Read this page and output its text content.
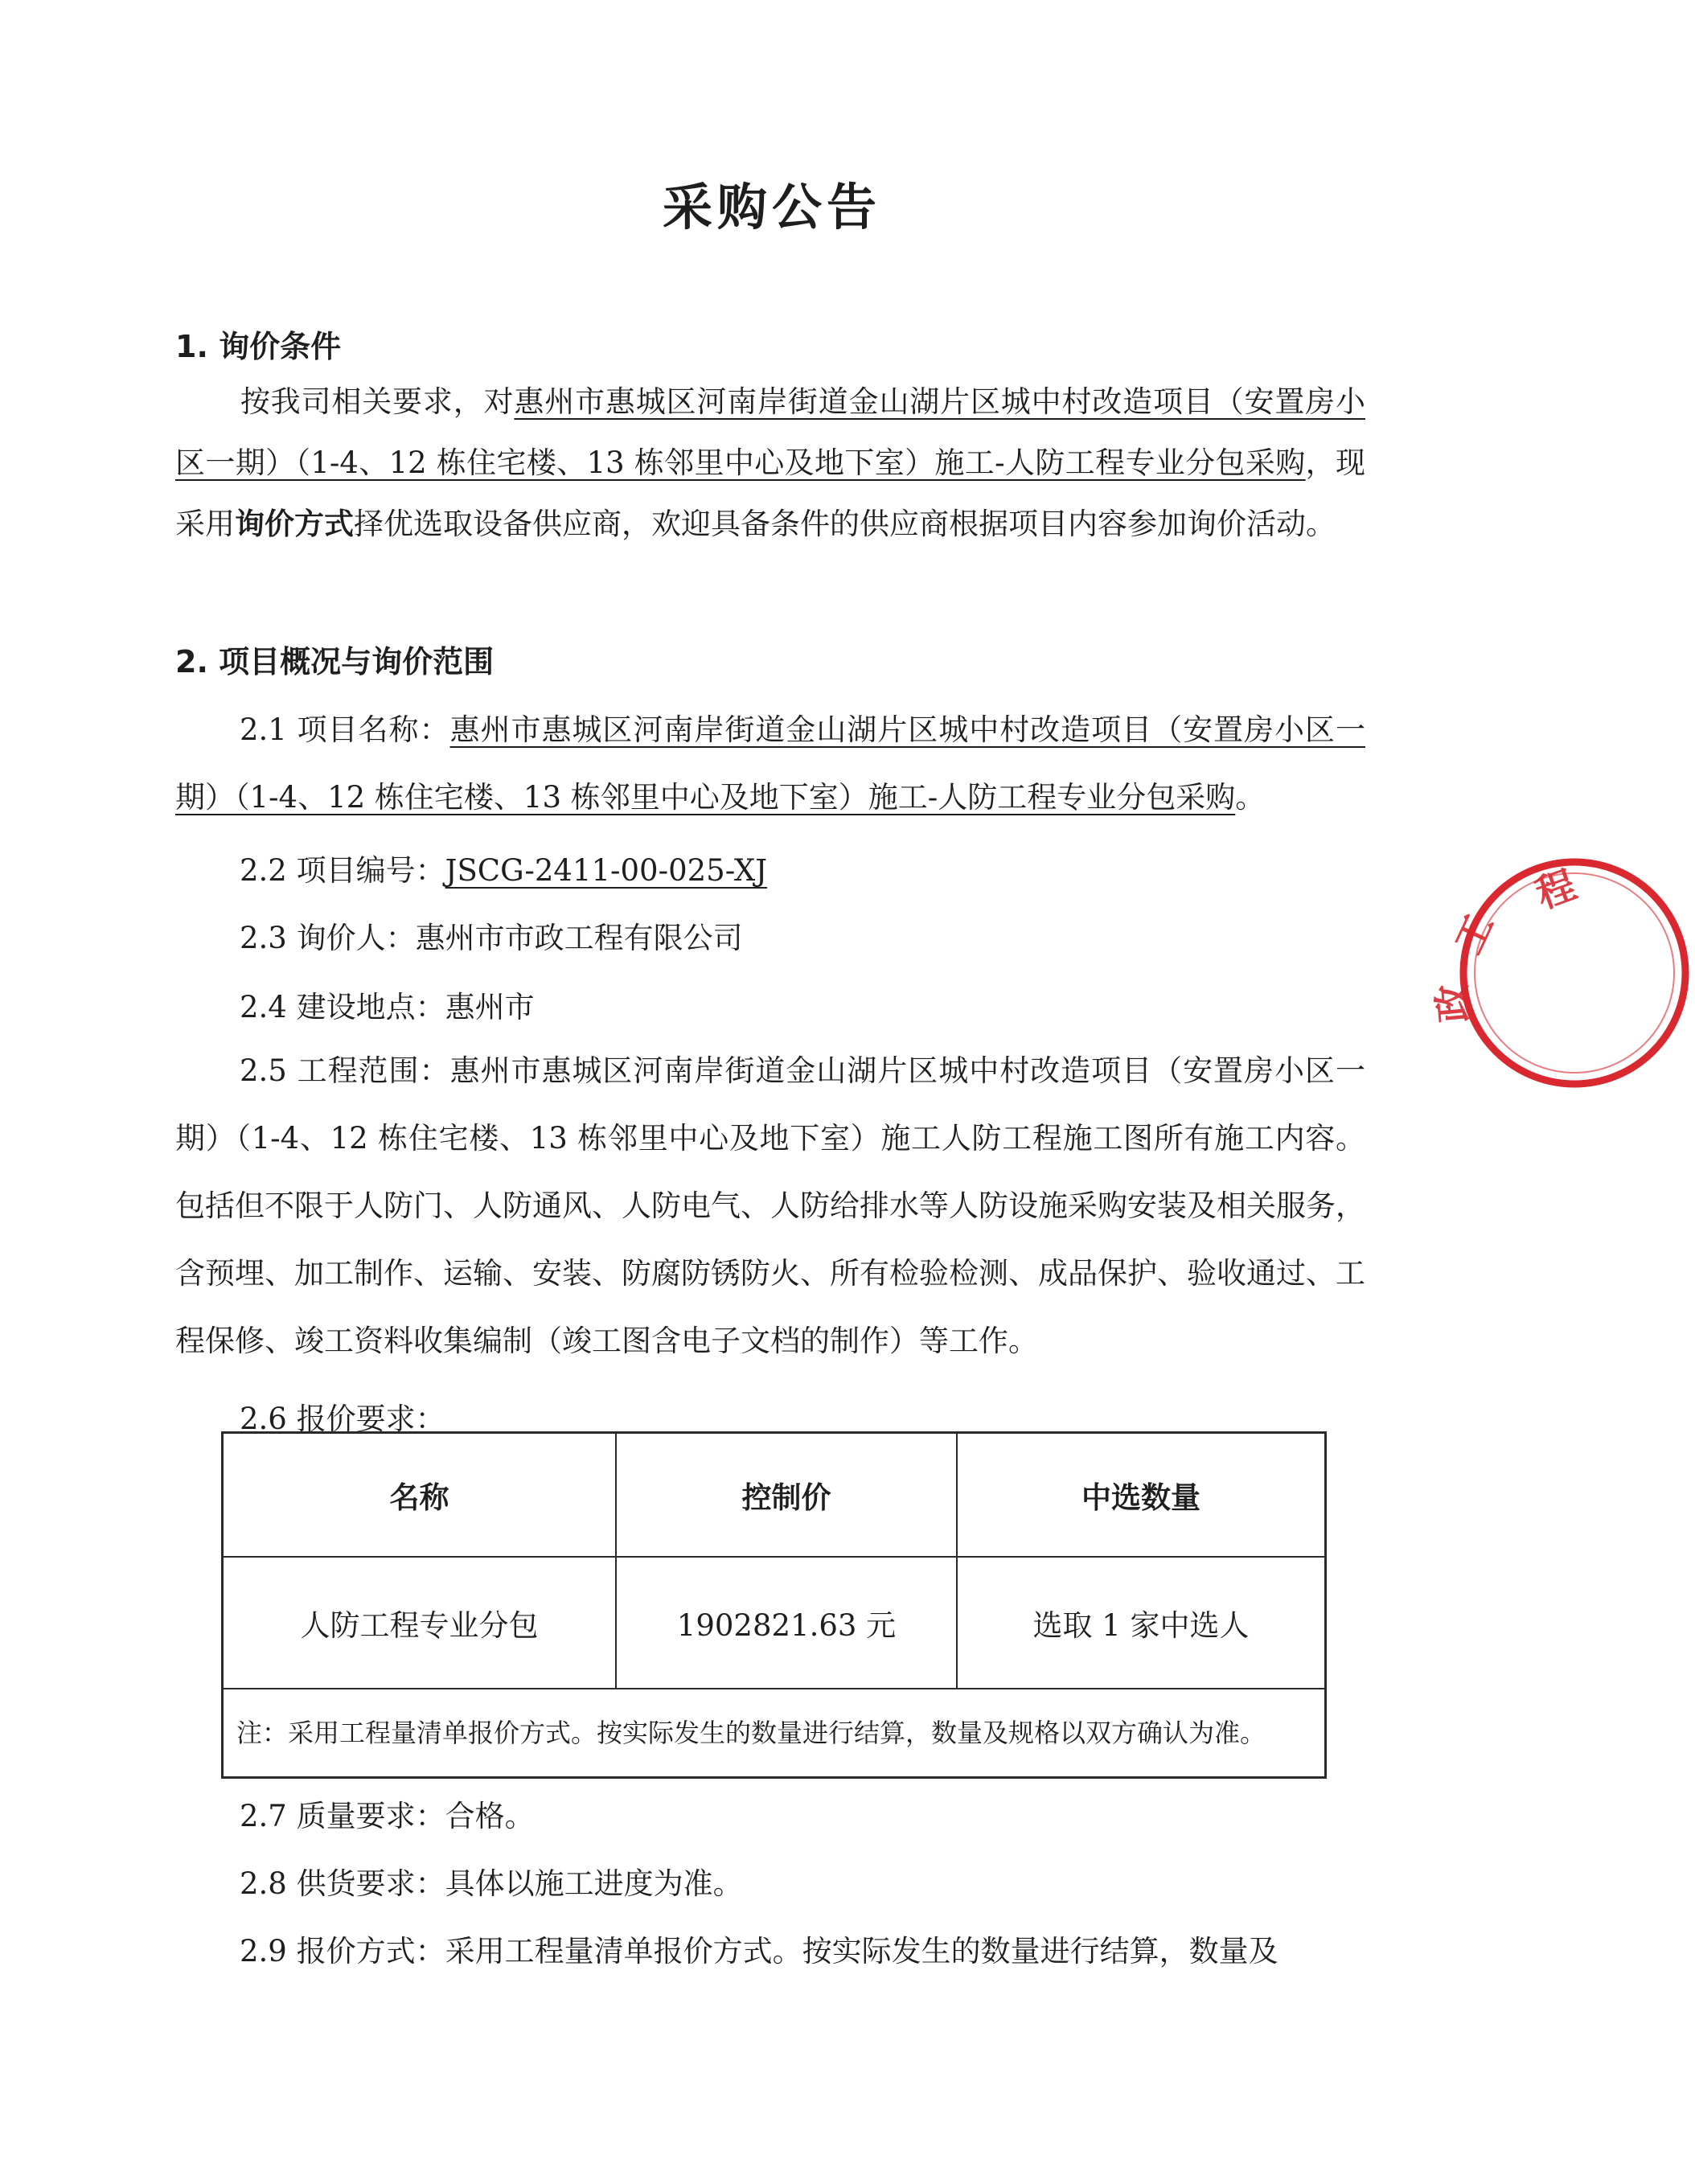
采购公告
1. 询价条件
按我司相关要求，对惠州市惠城区河南岸街道金山湖片区城中村改造项目（安置房小区一期）（1-4、12 栋住宅楼、13 栋邻里中心及地下室）施工-人防工程专业分包采购，现采用询价方式择优选取设备供应商，欢迎具备条件的供应商根据项目内容参加询价活动。
2. 项目概况与询价范围
2.1 项目名称：惠州市惠城区河南岸街道金山湖片区城中村改造项目（安置房小区一期）（1-4、12 栋住宅楼、13 栋邻里中心及地下室）施工-人防工程专业分包采购。
2.2 项目编号：JSCG-2411-00-025-XJ
2.3 询价人：惠州市市政工程有限公司
2.4 建设地点：惠州市
2.5 工程范围：惠州市惠城区河南岸街道金山湖片区城中村改造项目（安置房小区一期）（1-4、12 栋住宅楼、13 栋邻里中心及地下室）施工人防工程施工图所有施工内容。包括但不限于人防门、人防通风、人防电气、人防给排水等人防设施采购安装及相关服务，含预埋、加工制作、运输、安装、防腐防锈防火、所有检验检测、成品保护、验收通过、工程保修、竣工资料收集编制（竣工图含电子文档的制作）等工作。
2.6 报价要求：
名称	控制价	中选数量
人防工程专业分包	1902821.63 元	选取 1 家中选人
注：采用工程量清单报价方式。按实际发生的数量进行结算，数量及规格以双方确认为准。		
2.7 质量要求：合格。
2.8 供货要求：具体以施工进度为准。
2.9 报价方式：采用工程量清单报价方式。按实际发生的数量进行结算，数量及
程
工
政
